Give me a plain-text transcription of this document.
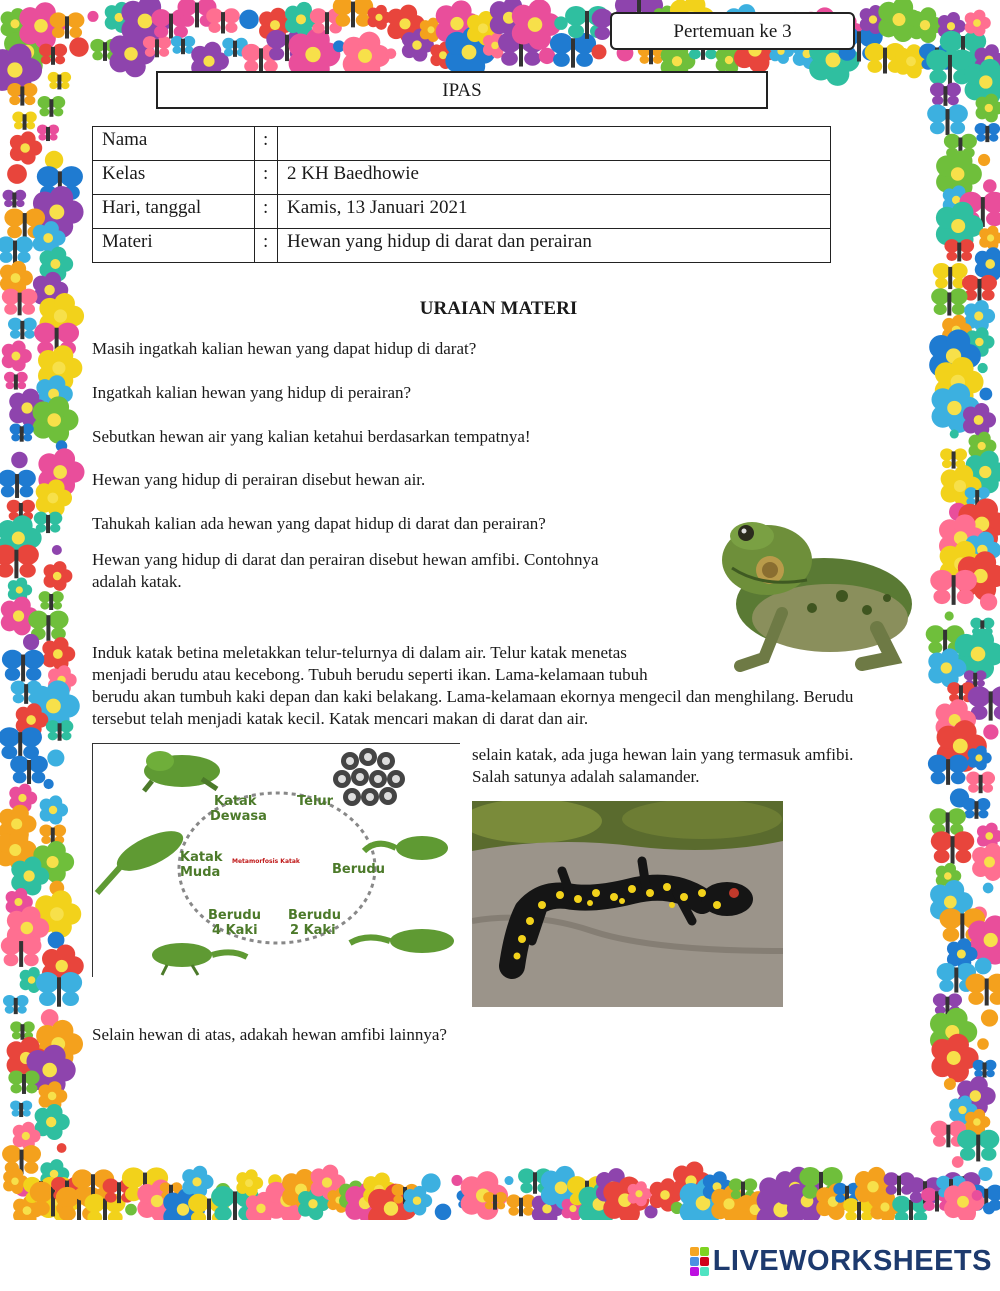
Pertemuan ke 3
IPAS
Nama	:	
Kelas	:	2 KH Baedhowie
Hari, tanggal	:	Kamis, 13 Januari 2021
Materi	:	Hewan yang hidup di darat dan perairan
URAIAN MATERI
Masih ingatkah kalian hewan yang dapat hidup di darat?
Ingatkah kalian hewan yang hidup di perairan?
Sebutkan hewan air yang kalian ketahui berdasarkan tempatnya!
Hewan yang hidup di perairan disebut hewan air.
Tahukah kalian ada hewan yang dapat hidup di darat dan perairan?
Hewan yang hidup di darat dan perairan disebut hewan amfibi. Contohnya
adalah katak.
Induk katak betina meletakkan telur-telurnya di dalam air. Telur katak menetas
menjadi berudu atau kecebong. Tubuh berudu seperti ikan. Lama-kelamaan tubuh
berudu akan tumbuh kaki depan dan kaki belakang. Lama-kelamaan ekornya mengecil dan menghilang. Berudu
tersebut telah menjadi katak kecil. Katak mencari makan di darat dan air.
selain katak, ada juga hewan lain yang termasuk amfibi.
Salah satunya adalah salamander.
Selain hewan di atas, adakah hewan amfibi lainnya?
Katak Dewasa
Telur
Katak Muda	Berudu
Berudu 4 Kaki
Berudu 2 Kaki
Metamorfosis Katak
LIVEWORKSHEETS
